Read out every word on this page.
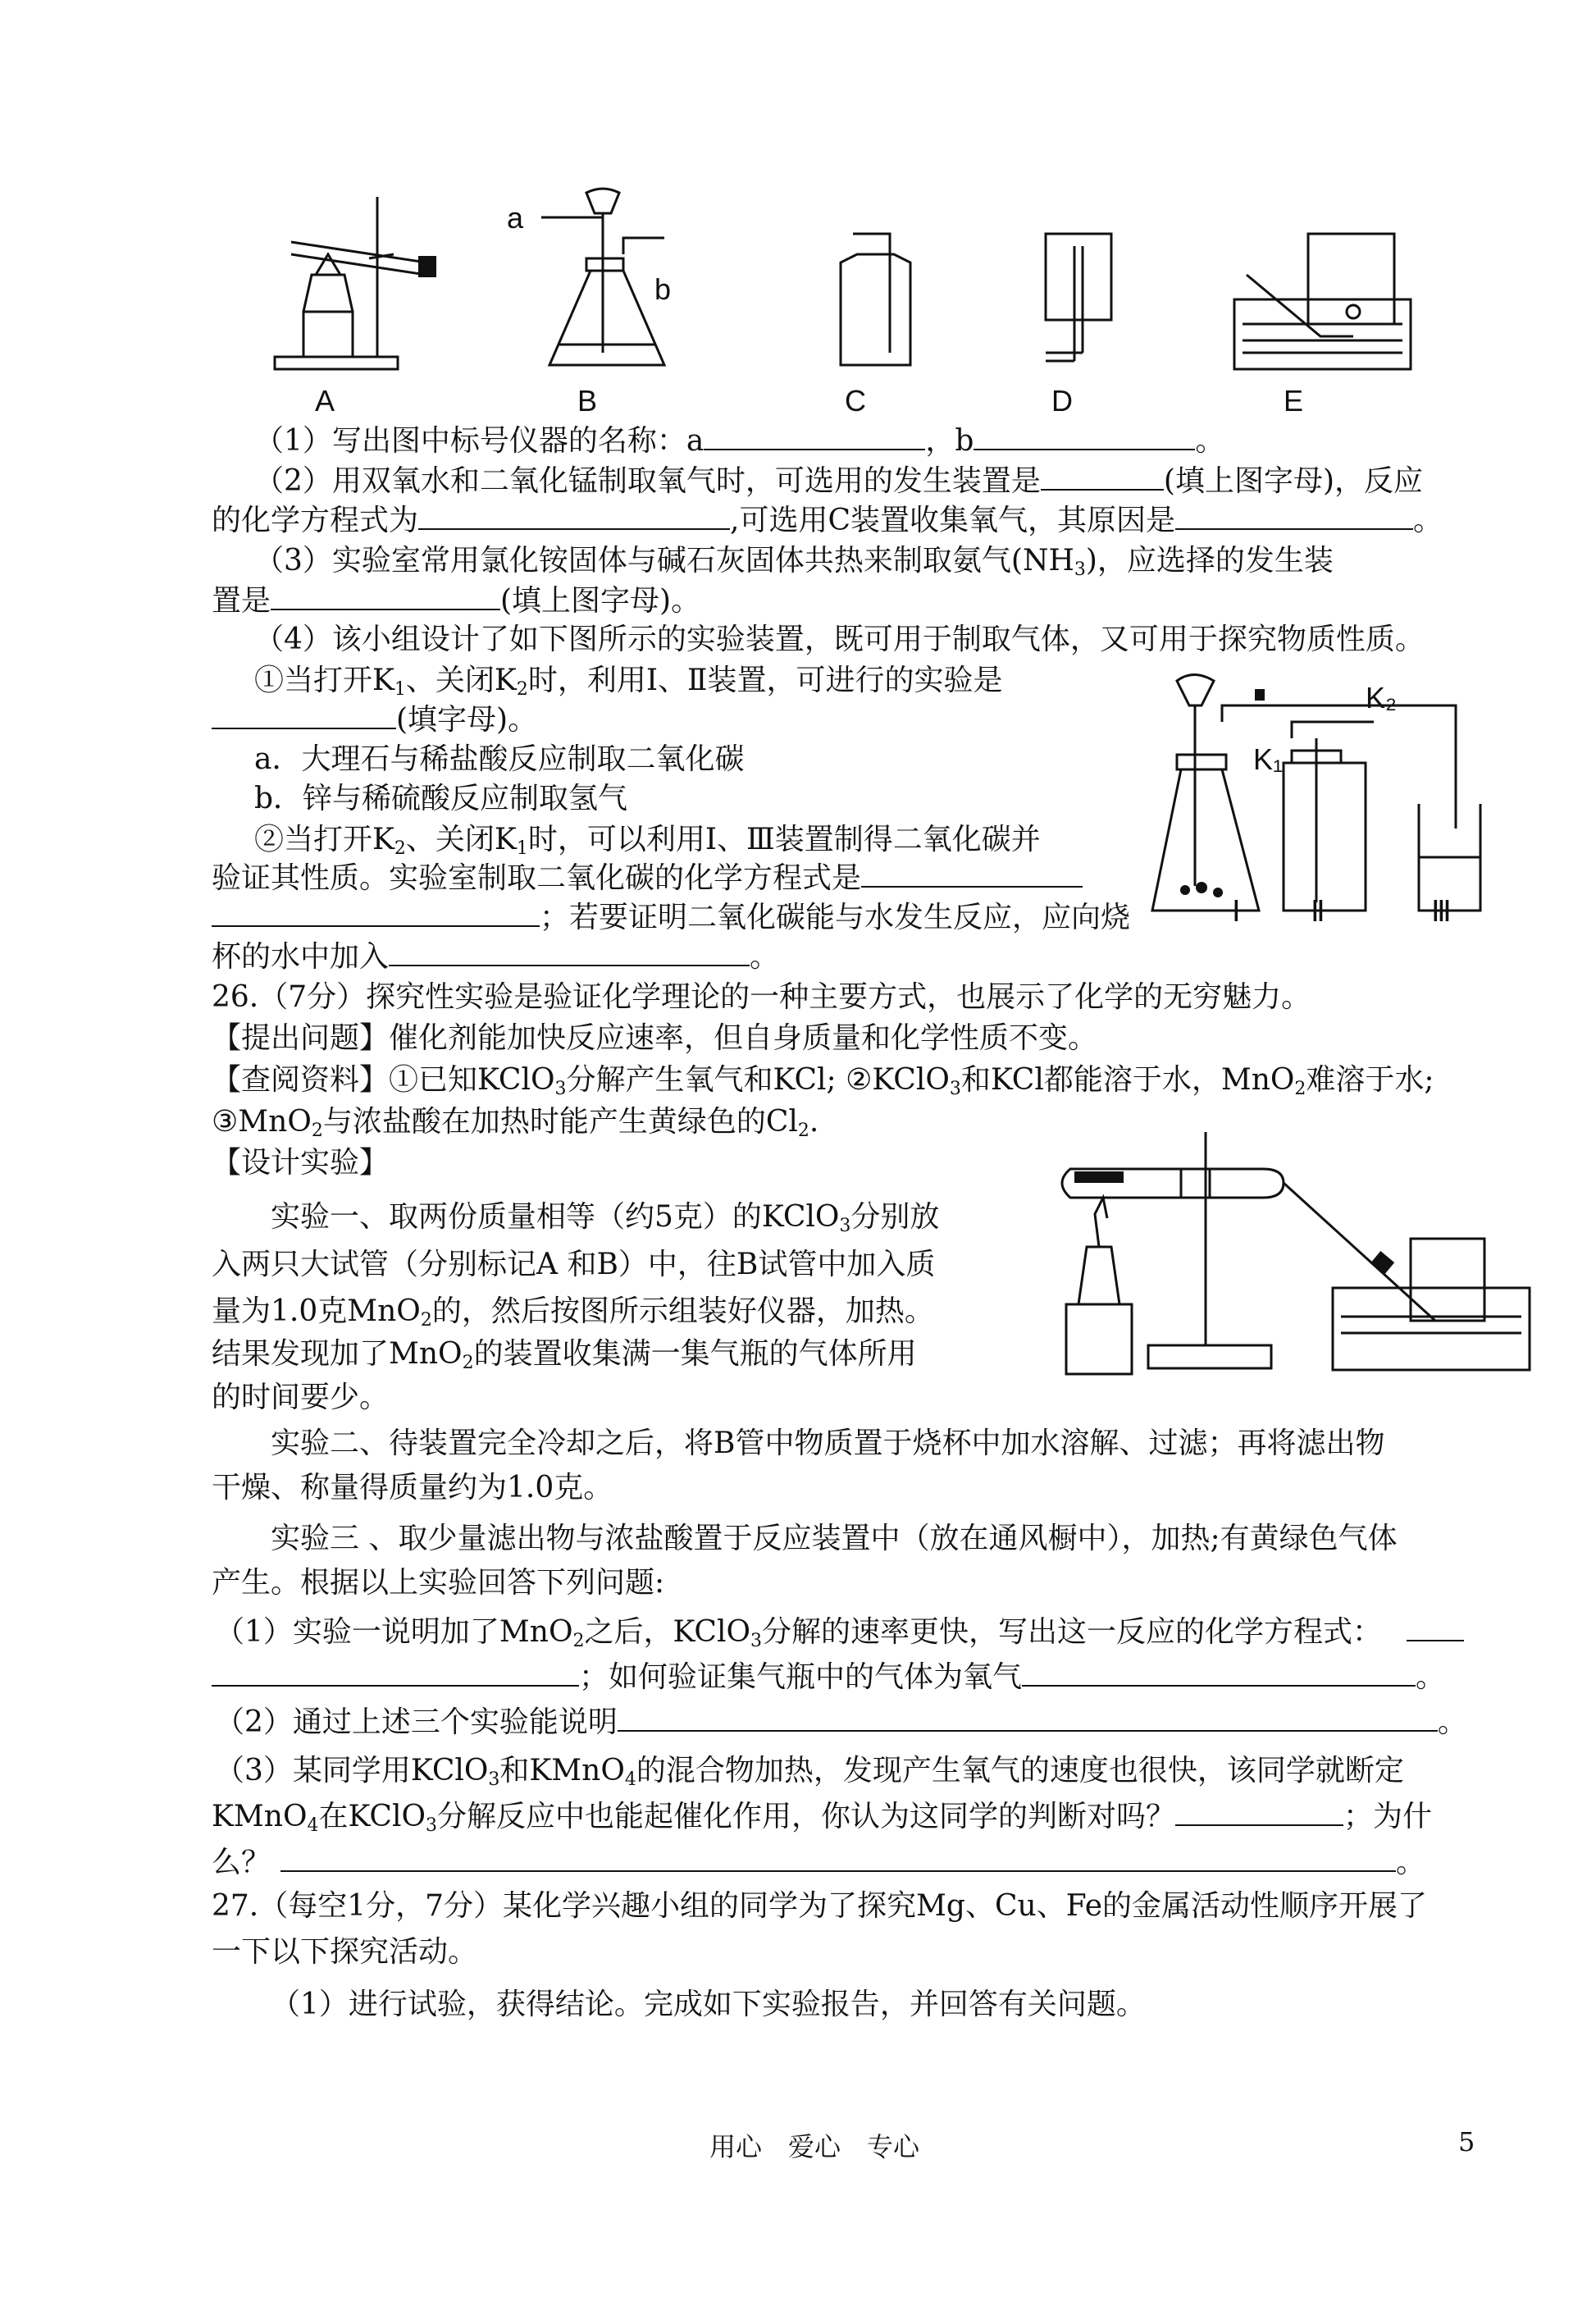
a
b
A	B	C	D	E
（1）写出图中标号仪器的名称：a	，b	。
（2）用双氧水和二氧化锰制取氧气时，可选用的发生装置是	(填上图字母)，反应
的化学方程式为	,可选用C装置收集氧气，其原因是	。
（3）实验室常用氯化铵固体与碱石灰固体共热来制取氨气$(NH_3)$，应选择的发生装
置是	(填上图字母)。
（4）该小组设计了如下图所示的实验装置，既可用于制取气体，又可用于探究物质性质。
①当打开$K_1$、关闭$K_2$时，利用Ⅰ、Ⅱ装置，可进行的实验是
(填字母)。
a．大理石与稀盐酸反应制取二氧化碳
b．锌与稀硫酸反应制取氢气
②当打开$K_2$、关闭$K_1$时，可以利用Ⅰ、Ⅲ装置制得二氧化碳并
验证其性质。实验室制取二氧化碳的化学方程式是
；若要证明二氧化碳能与水发生反应，应向烧
杯的水中加入	。
K₂
K₁
Ⅰ Ⅱ	Ⅲ
26.（7分）探究性实验是验证化学理论的一种主要方式，也展示了化学的无穷魅力。
【提出问题】催化剂能加快反应速率，但自身质量和化学性质不变。
【查阅资料】①已知KClO$_3$分解产生氧气和KCl; ②KClO$_3$和KCl都能溶于水，MnO$_2$难溶于水;
③MnO$_2$与浓盐酸在加热时能产生黄绿色的$Cl_2$.
【设计实验】
实验一、取两份质量相等（约5克）的KClO$_3$分别放
入两只大试管（分别标记A 和B）中，往B试管中加入质
量为1.0克MnO$_2$的，然后按图所示组装好仪器，加热。
结果发现加了MnO$_2$的装置收集满一集气瓶的气体所用
的时间要少。
实验二、待装置完全冷却之后，将B管中物质置于烧杯中加水溶解、过滤；再将滤出物
干燥、称量得质量约为1.0克。
实验三 、取少量滤出物与浓盐酸置于反应装置中（放在通风橱中），加热;有黄绿色气体
产生。根据以上实验回答下列问题:
（1）实验一说明加了MnO$_2$之后，KClO$_3$分解的速率更快，写出这一反应的化学方程式：
；如何验证集气瓶中的气体为氧气	。
（2）通过上述三个实验能说明	。
（3）某同学用KClO$_3$和KMnO$_4$的混合物加热，发现产生氧气的速度也很快，该同学就断定
KMnO$_4$在KClO$_3$分解反应中也能起催化作用，你认为这同学的判断对吗？	；为什
么？	。
27.（每空1分，7分）某化学兴趣小组的同学为了探究Mg、Cu、Fe的金属活动性顺序开展了
一下以下探究活动。
（1）进行试验，获得结论。完成如下实验报告，并回答有关问题。
用心　爱心　专心	5
